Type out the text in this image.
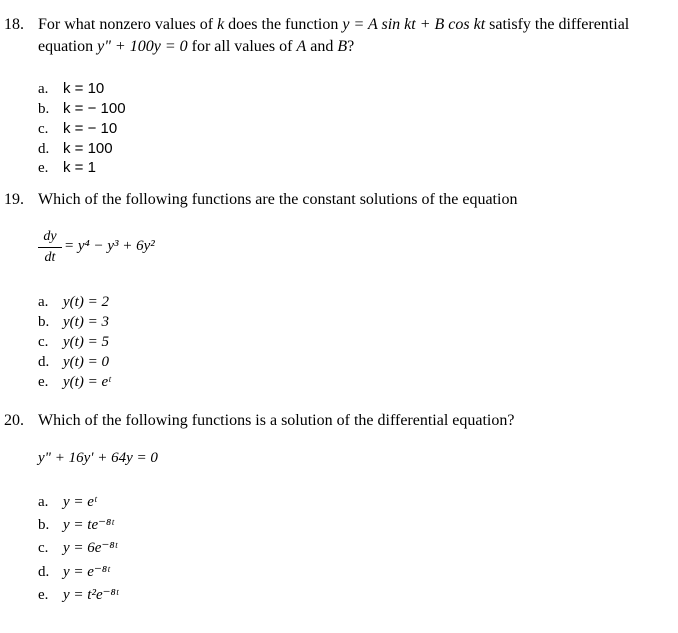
18. For what nonzero values of k does the function y = A sin kt + B cos kt satisfy the differential
equation y" + 100y = 0 for all values of A and B?
a. k = 10
b. k = − 100
c. k = − 10
d. k = 100
e. k = 1
19. Which of the following functions are the constant solutions of the equation
dy
dt
= y⁴ − y³ + 6y²
a. y(t) = 2
b. y(t) = 3
c. y(t) = 5
d. y(t) = 0
e. y(t) = eᵗ
20. Which of the following functions is a solution of the differential equation?
y" + 16y' + 64y = 0
a. y = eᵗ
b. y = te⁻⁸ᵗ
c. y = 6e⁻⁸ᵗ
d. y = e⁻⁸ᵗ
e. y = t²e⁻⁸ᵗ
